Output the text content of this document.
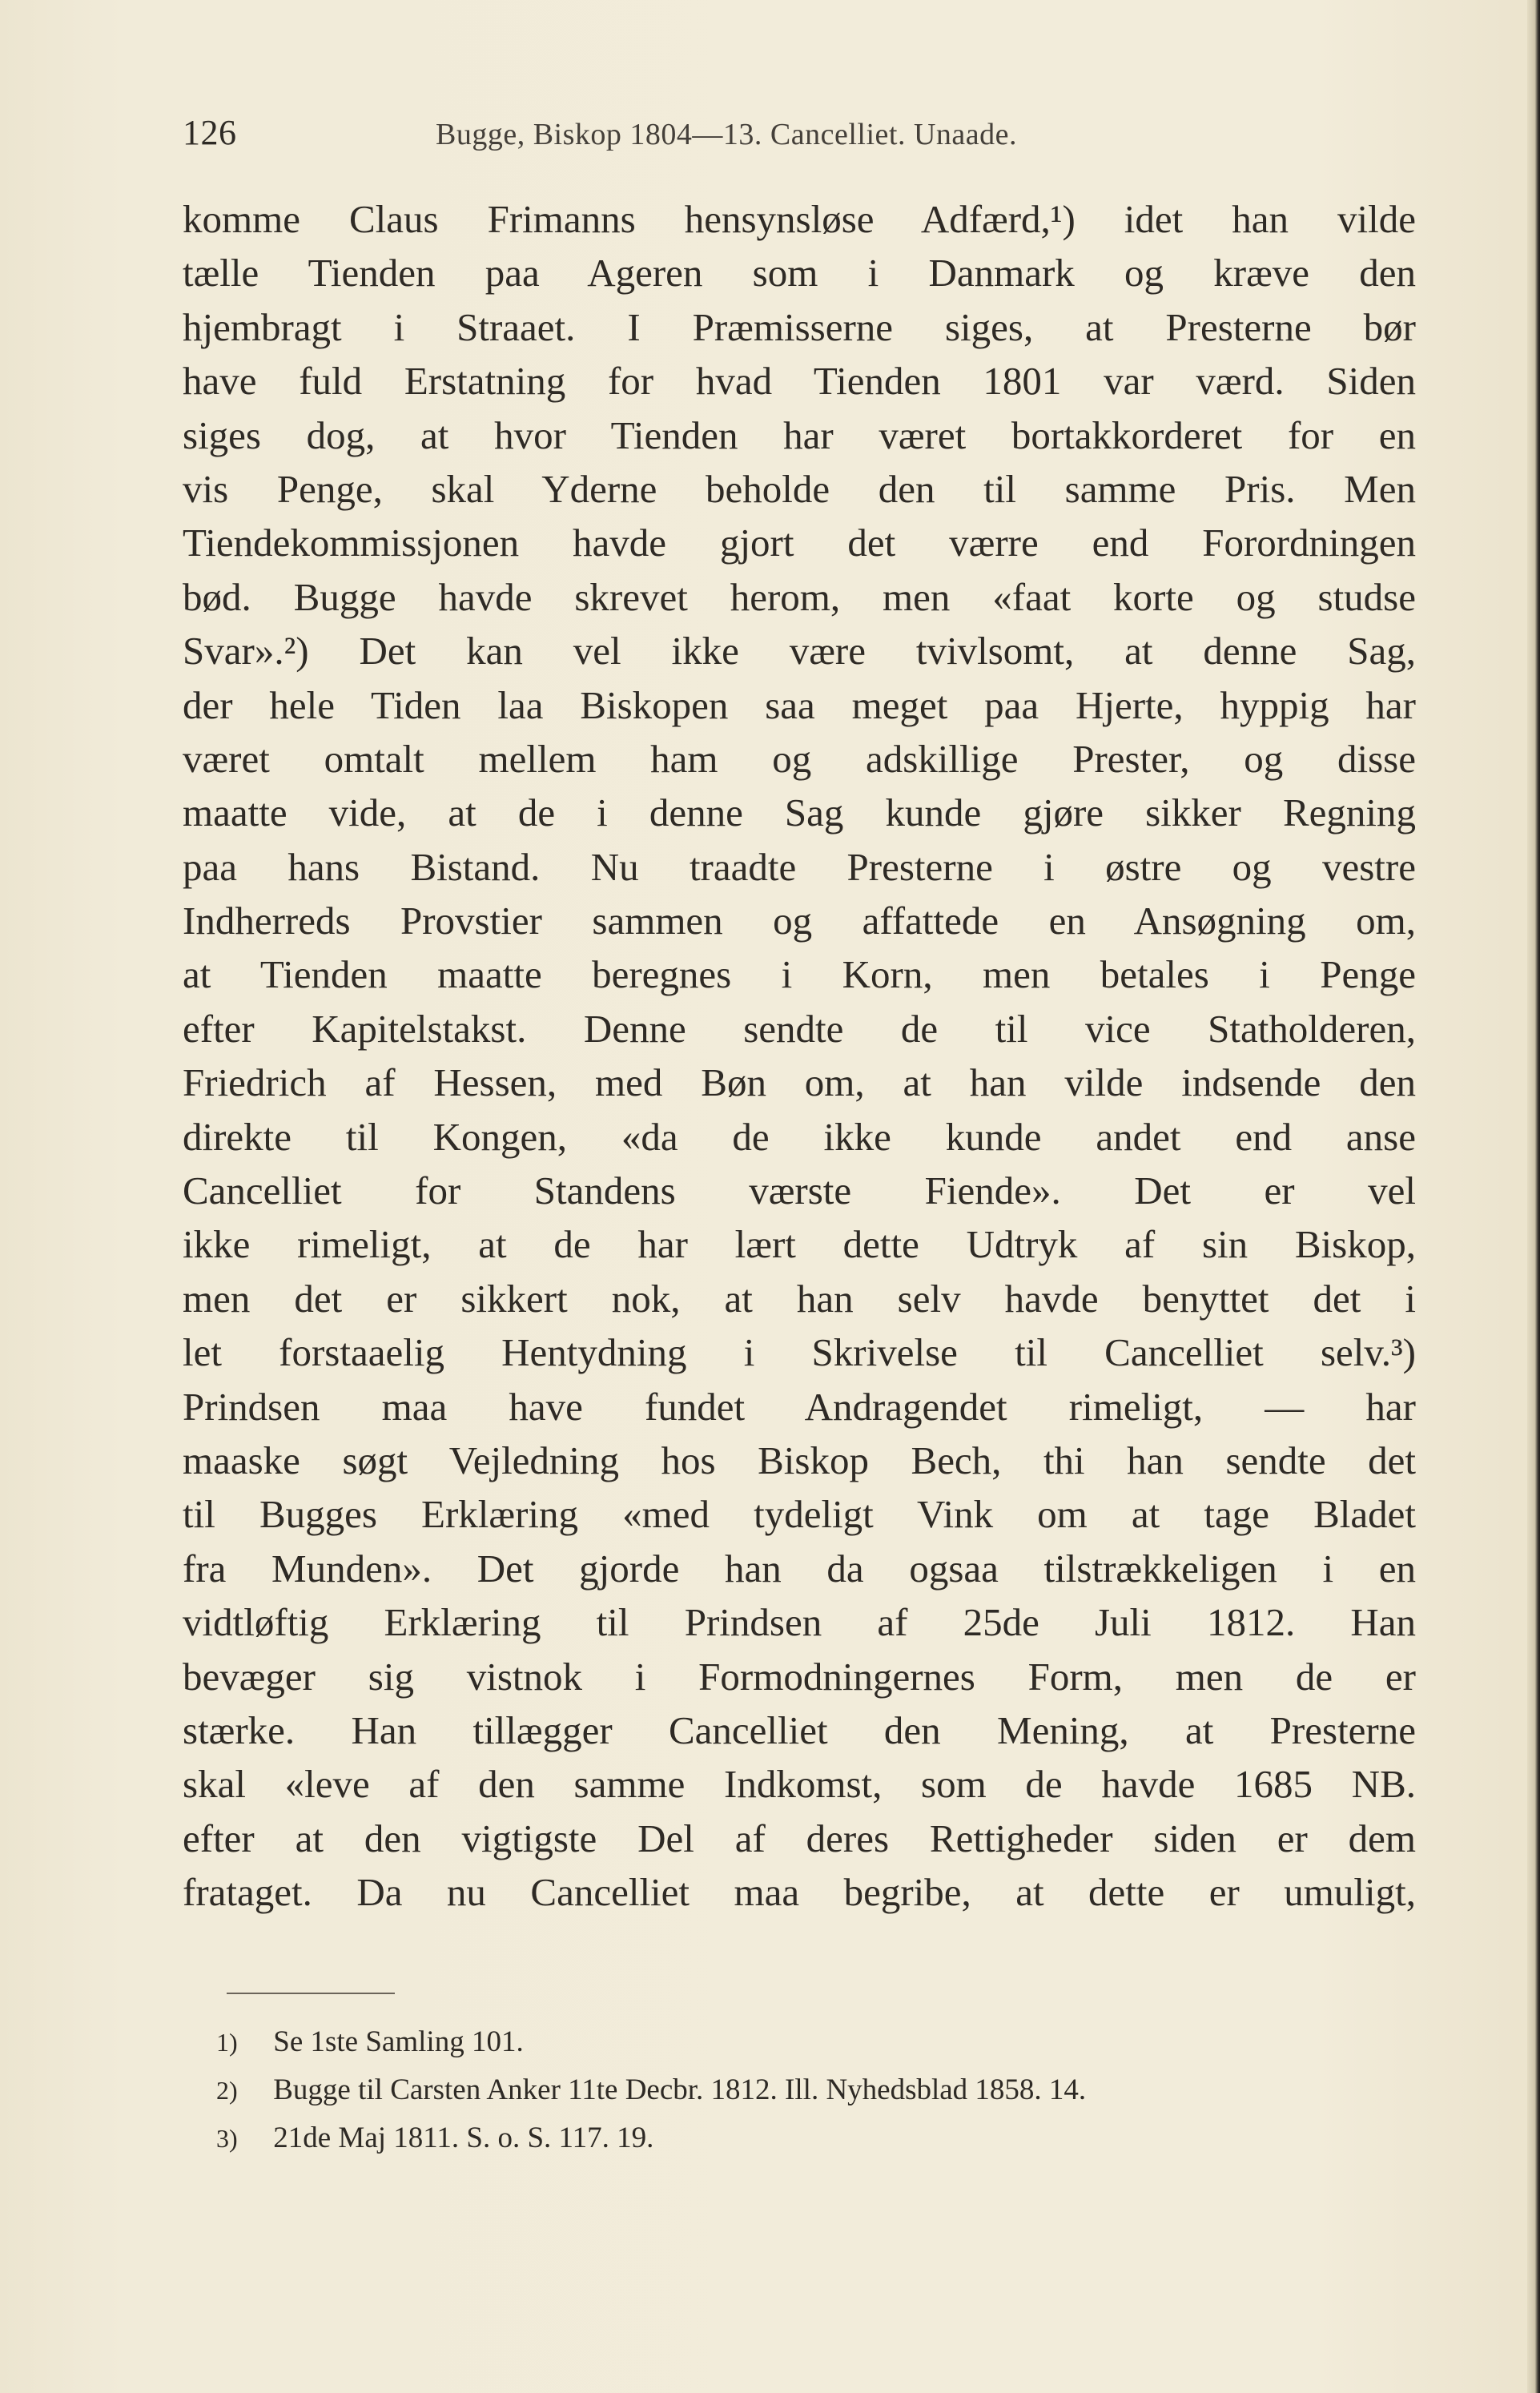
126	Bugge, Biskop 1804—13. Cancelliet. Unaade.
komme Claus Frimanns hensynsløse Adfærd,¹) idet han vilde
tælle Tienden paa Ageren som i Danmark og kræve den
hjembragt i Straaet. I Præmisserne siges, at Presterne bør
have fuld Erstatning for hvad Tienden 1801 var værd. Siden
siges dog, at hvor Tienden har været bortakkorderet for en
vis Penge, skal Yderne beholde den til samme Pris. Men
Tiendekommissjonen havde gjort det værre end Forordningen
bød. Bugge havde skrevet herom, men «faat korte og studse
Svar».²) Det kan vel ikke være tvivlsomt, at denne Sag,
der hele Tiden laa Biskopen saa meget paa Hjerte, hyppig har
været omtalt mellem ham og adskillige Prester, og disse
maatte vide, at de i denne Sag kunde gjøre sikker Regning
paa hans Bistand. Nu traadte Presterne i østre og vestre
Indherreds Provstier sammen og affattede en Ansøgning om,
at Tienden maatte beregnes i Korn, men betales i Penge
efter Kapitelstakst. Denne sendte de til vice Statholderen,
Friedrich af Hessen, med Bøn om, at han vilde indsende den
direkte til Kongen, «da de ikke kunde andet end anse
Cancelliet for Standens værste Fiende». Det er vel
ikke rimeligt, at de har lært dette Udtryk af sin Biskop,
men det er sikkert nok, at han selv havde benyttet det i
let forstaaelig Hentydning i Skrivelse til Cancelliet selv.³)
Prindsen maa have fundet Andragendet rimeligt, — har
maaske søgt Vejledning hos Biskop Bech, thi han sendte det
til Bugges Erklæring «med tydeligt Vink om at tage Bladet
fra Munden». Det gjorde han da ogsaa tilstrækkeligen i en
vidtløftig Erklæring til Prindsen af 25de Juli 1812. Han
bevæger sig vistnok i Formodningernes Form, men de er
stærke. Han tillægger Cancelliet den Mening, at Presterne
skal «leve af den samme Indkomst, som de havde 1685 NB.
efter at den vigtigste Del af deres Rettigheder siden er dem
frataget. Da nu Cancelliet maa begribe, at dette er umuligt,
1) Se 1ste Samling 101.
2) Bugge til Carsten Anker 11te Decbr. 1812. Ill. Nyhedsblad 1858. 14.
3) 21de Maj 1811. S. o. S. 117. 19.
